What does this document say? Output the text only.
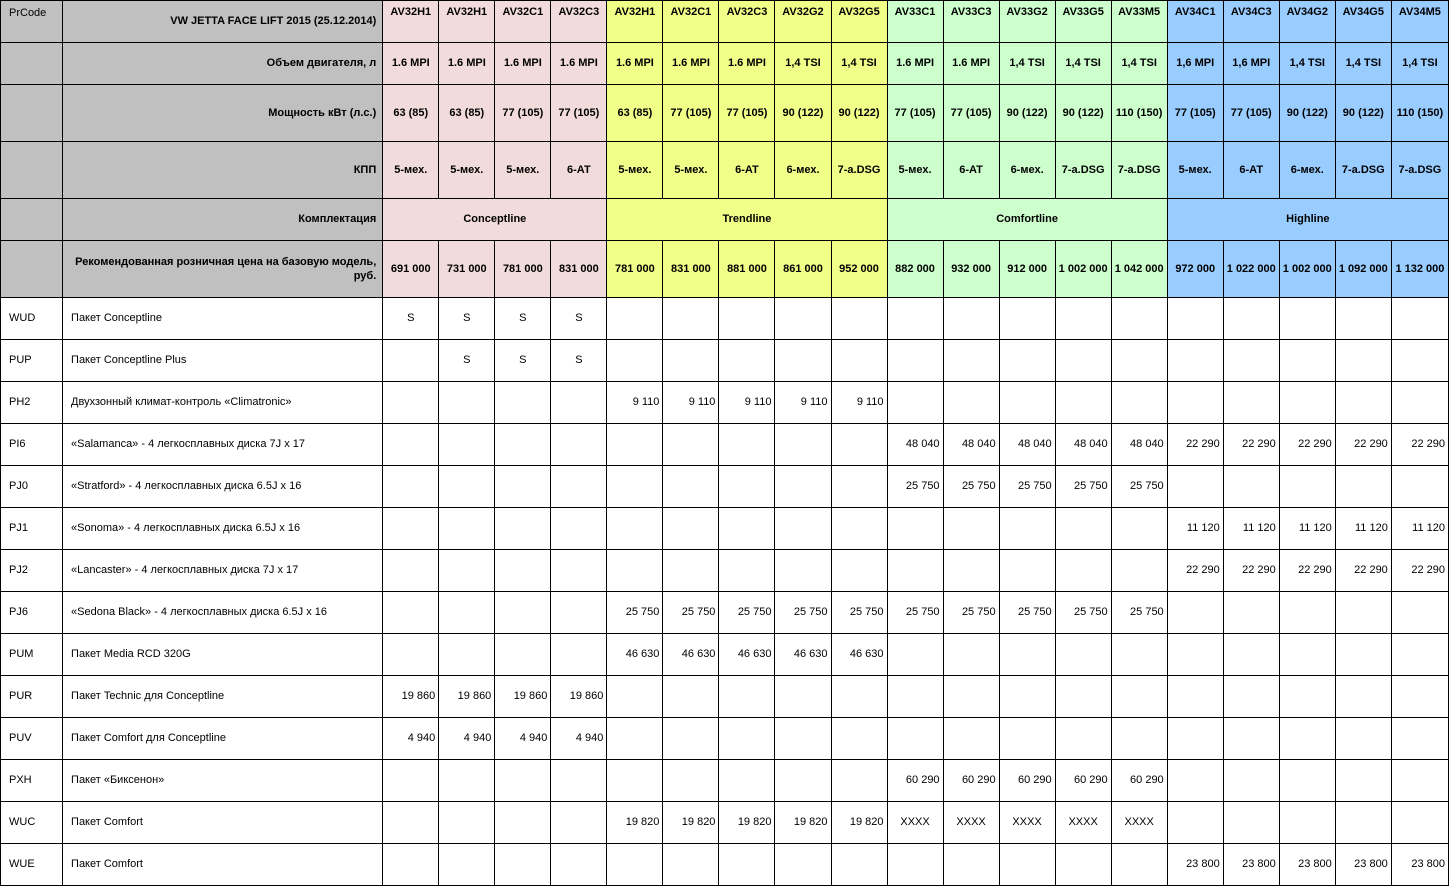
PrCode	VW JETTA FACE LIFT 2015 (25.12.2014)	AV32H1	AV32H1	AV32C1	AV32C3	AV32H1	AV32C1	AV32C3	AV32G2	AV32G5	AV33C1	AV33C3	AV33G2	AV33G5	AV33M5	AV34C1	AV34C3	AV34G2	AV34G5	AV34M5
	Объем двигателя, л	1.6 MPI	1.6 MPI	1.6 MPI	1.6 MPI	1.6 MPI	1.6 MPI	1.6 MPI	1,4 TSI	1,4 TSI	1.6 MPI	1.6 MPI	1,4 TSI	1,4 TSI	1,4 TSI	1,6 MPI	1,6 MPI	1,4 TSI	1,4 TSI	1,4 TSI
	Мощность кВт (л.с.)	63 (85)	63 (85)	77 (105)	77 (105)	63 (85)	77 (105)	77 (105)	90 (122)	90 (122)	77 (105)	77 (105)	90 (122)	90 (122)	110 (150)	77 (105)	77 (105)	90 (122)	90 (122)	110 (150)
	КПП	5-мех.	5-мех.	5-мех.	6-AT	5-мех.	5-мех.	6-AT	6-мех.	7-а.DSG	5-мех.	6-AT	6-мех.	7-а.DSG	7-а.DSG	5-мех.	6-AT	6-мех.	7-а.DSG	7-а.DSG
	Комплектация	Conceptline				Trendline					Comfortline					Highline				
	Рекомендованная розничная цена на базовую модель, руб.	691 000	731 000	781 000	831 000	781 000	831 000	881 000	861 000	952 000	882 000	932 000	912 000	1 002 000	1 042 000	972 000	1 022 000	1 002 000	1 092 000	1 132 000
WUD	Пакет Conceptline	S	S	S	S															
PUP	Пакет Conceptline Plus		S	S	S															
PH2	Двухзонный климат-контроль «Climatronic»					9 110	9 110	9 110	9 110	9 110										
PI6	«Salamanca» - 4 легкосплавных диска 7J x 17										48 040	48 040	48 040	48 040	48 040	22 290	22 290	22 290	22 290	22 290
PJ0	«Stratford» - 4 легкосплавных диска 6.5J x 16										25 750	25 750	25 750	25 750	25 750					
PJ1	«Sonoma» - 4 легкосплавных диска 6.5J x 16															11 120	11 120	11 120	11 120	11 120
PJ2	«Lancaster» - 4 легкосплавных диска 7J x 17															22 290	22 290	22 290	22 290	22 290
PJ6	«Sedona Black» - 4 легкосплавных диска 6.5J x 16					25 750	25 750	25 750	25 750	25 750	25 750	25 750	25 750	25 750	25 750					
PUM	Пакет Media RCD 320G					46 630	46 630	46 630	46 630	46 630										
PUR	Пакет Technic для Conceptline	19 860	19 860	19 860	19 860															
PUV	Пакет Comfort для Conceptline	4 940	4 940	4 940	4 940															
PXH	Пакет «Биксенон»										60 290	60 290	60 290	60 290	60 290					
WUC	Пакет Comfort					19 820	19 820	19 820	19 820	19 820	XXXX	XXXX	XXXX	XXXX	XXXX					
WUE	Пакет Comfort															23 800	23 800	23 800	23 800	23 800
